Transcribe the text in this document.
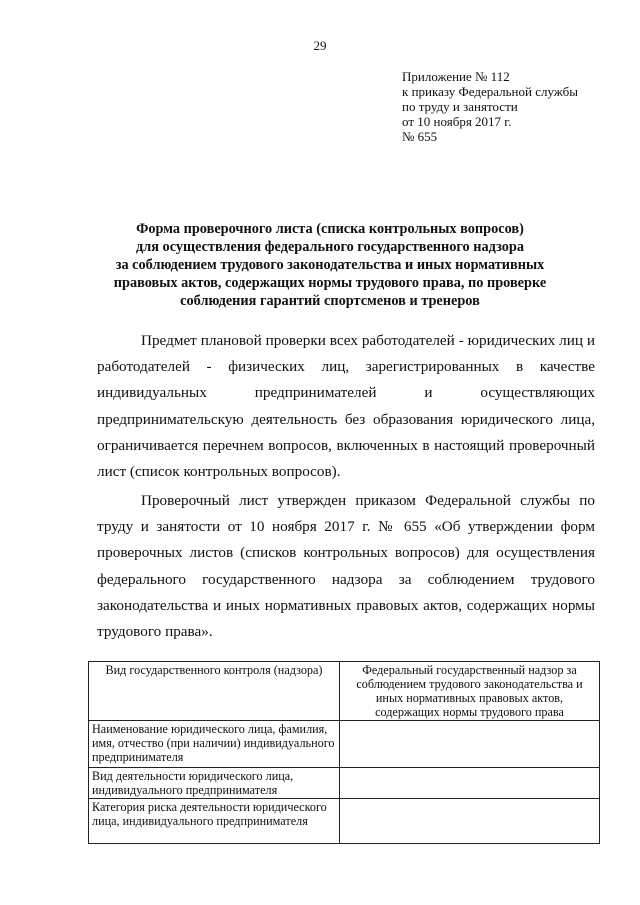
29
Приложение № 112
к приказу Федеральной службы
по труду и занятости
от 10 ноября 2017 г.
№ 655
Форма проверочного листа (списка контрольных вопросов)
для осуществления федерального государственного надзора
за соблюдением трудового законодательства и иных нормативных
правовых актов, содержащих нормы трудового права, по проверке
соблюдения гарантий спортсменов и тренеров

Предмет плановой проверки всех работодателей - юридических лиц и работодателей - физических лиц, зарегистрированных в качестве индивидуальных предпринимателей и осуществляющих предпринимательскую деятельность без образования юридического лица, ограничивается перечнем вопросов, включенных в настоящий проверочный лист (список контрольных вопросов).

Проверочный лист утвержден приказом Федеральной службы по труду и занятости от 10 ноября 2017 г. № 655 «Об утверждении форм проверочных листов (списков контрольных вопросов) для осуществления федерального государственного надзора за соблюдением трудового законодательства и иных нормативных правовых актов, содержащих нормы трудового права».

Вид государственного контроля (надзора)	Федеральный государственный надзор за соблюдением трудового законодательства и иных нормативных правовых актов, содержащих нормы трудового права
Наименование юридического лица, фамилия, имя, отчество (при наличии) индивидуального предпринимателя	
Вид деятельности юридического лица, индивидуального предпринимателя	
Категория риска деятельности юридического лица, индивидуального предпринимателя	
